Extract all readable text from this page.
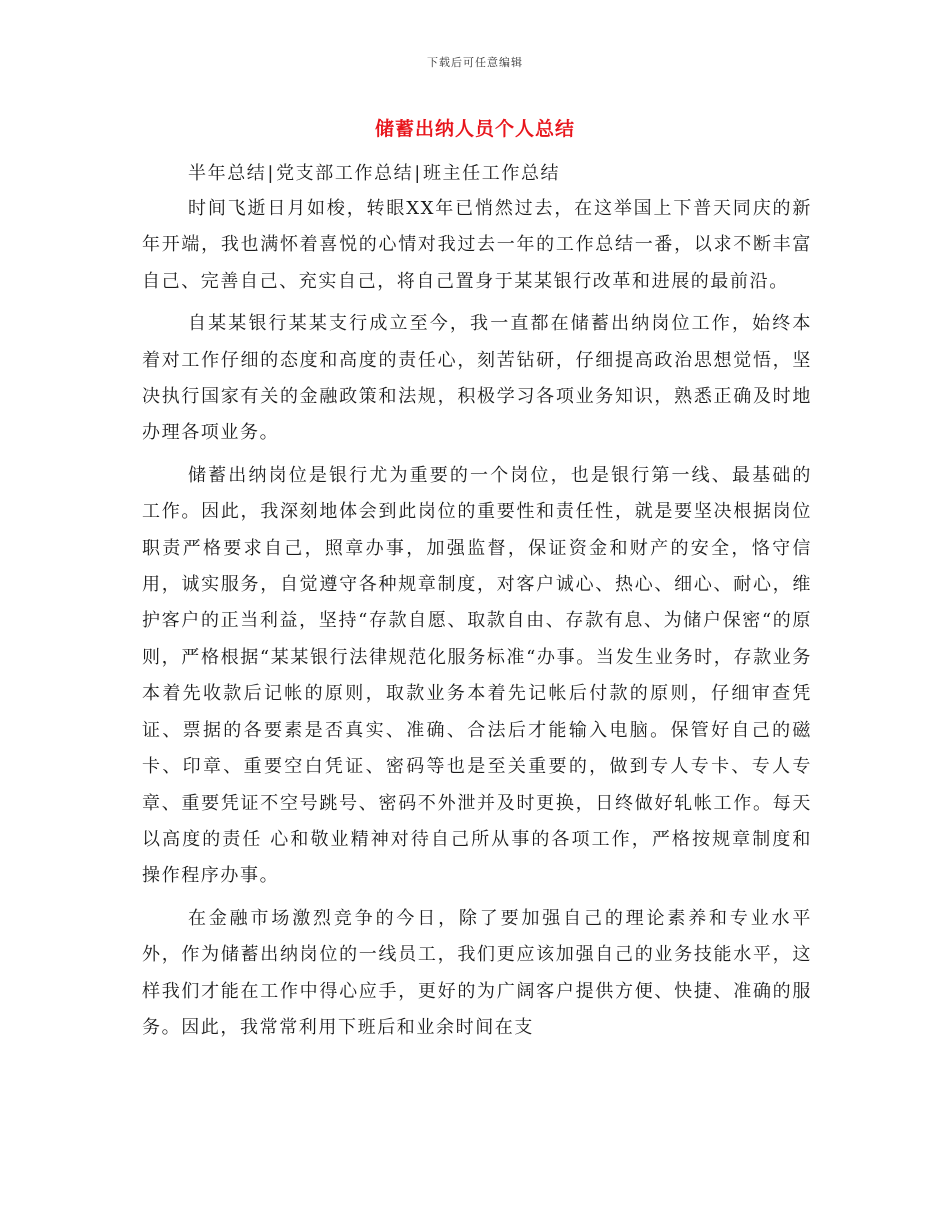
下载后可任意编辑
储蓄出纳人员个人总结

半年总结|党支部工作总结|班主任工作总结

时间飞逝日月如梭，转眼XX年已悄然过去，在这举国上下普天同庆的新年开端，我也满怀着喜悦的心情对我过去一年的工作总结一番，以求不断丰富自己、完善自己、充实自己，将自己置身于某某银行改革和进展的最前沿。

自某某银行某某支行成立至今，我一直都在储蓄出纳岗位工作，始终本着对工作仔细的态度和高度的责任心，刻苦钻研，仔细提高政治思想觉悟，坚决执行国家有关的金融政策和法规，积极学习各项业务知识，熟悉正确及时地办理各项业务。

储蓄出纳岗位是银行尤为重要的一个岗位，也是银行第一线、最基础的工作。因此，我深刻地体会到此岗位的重要性和责任性，就是要坚决根据岗位职责严格要求自己，照章办事，加强监督，保证资金和财产的安全，恪守信用，诚实服务，自觉遵守各种规章制度，对客户诚心、热心、细心、耐心，维护客户的正当利益，坚持“存款自愿、取款自由、存款有息、为储户保密“的原则，严格根据“某某银行法律规范化服务标准“办事。当发生业务时，存款业务本着先收款后记帐的原则，取款业务本着先记帐后付款的原则，仔细审查凭证、票据的各要素是否真实、准确、合法后才能输入电脑。保管好自己的磁卡、印章、重要空白凭证、密码等也是至关重要的，做到专人专卡、专人专章、重要凭证不空号跳号、密码不外泄并及时更换，日终做好轧帐工作。每天以高度的责任 心和敬业精神对待自己所从事的各项工作，严格按规章制度和操作程序办事。

在金融市场激烈竞争的今日，除了要加强自己的理论素养和专业水平外，作为储蓄出纳岗位的一线员工，我们更应该加强自己的业务技能水平，这样我们才能在工作中得心应手，更好的为广阔客户提供方便、快捷、准确的服务。因此，我常常利用下班后和业余时间在支
